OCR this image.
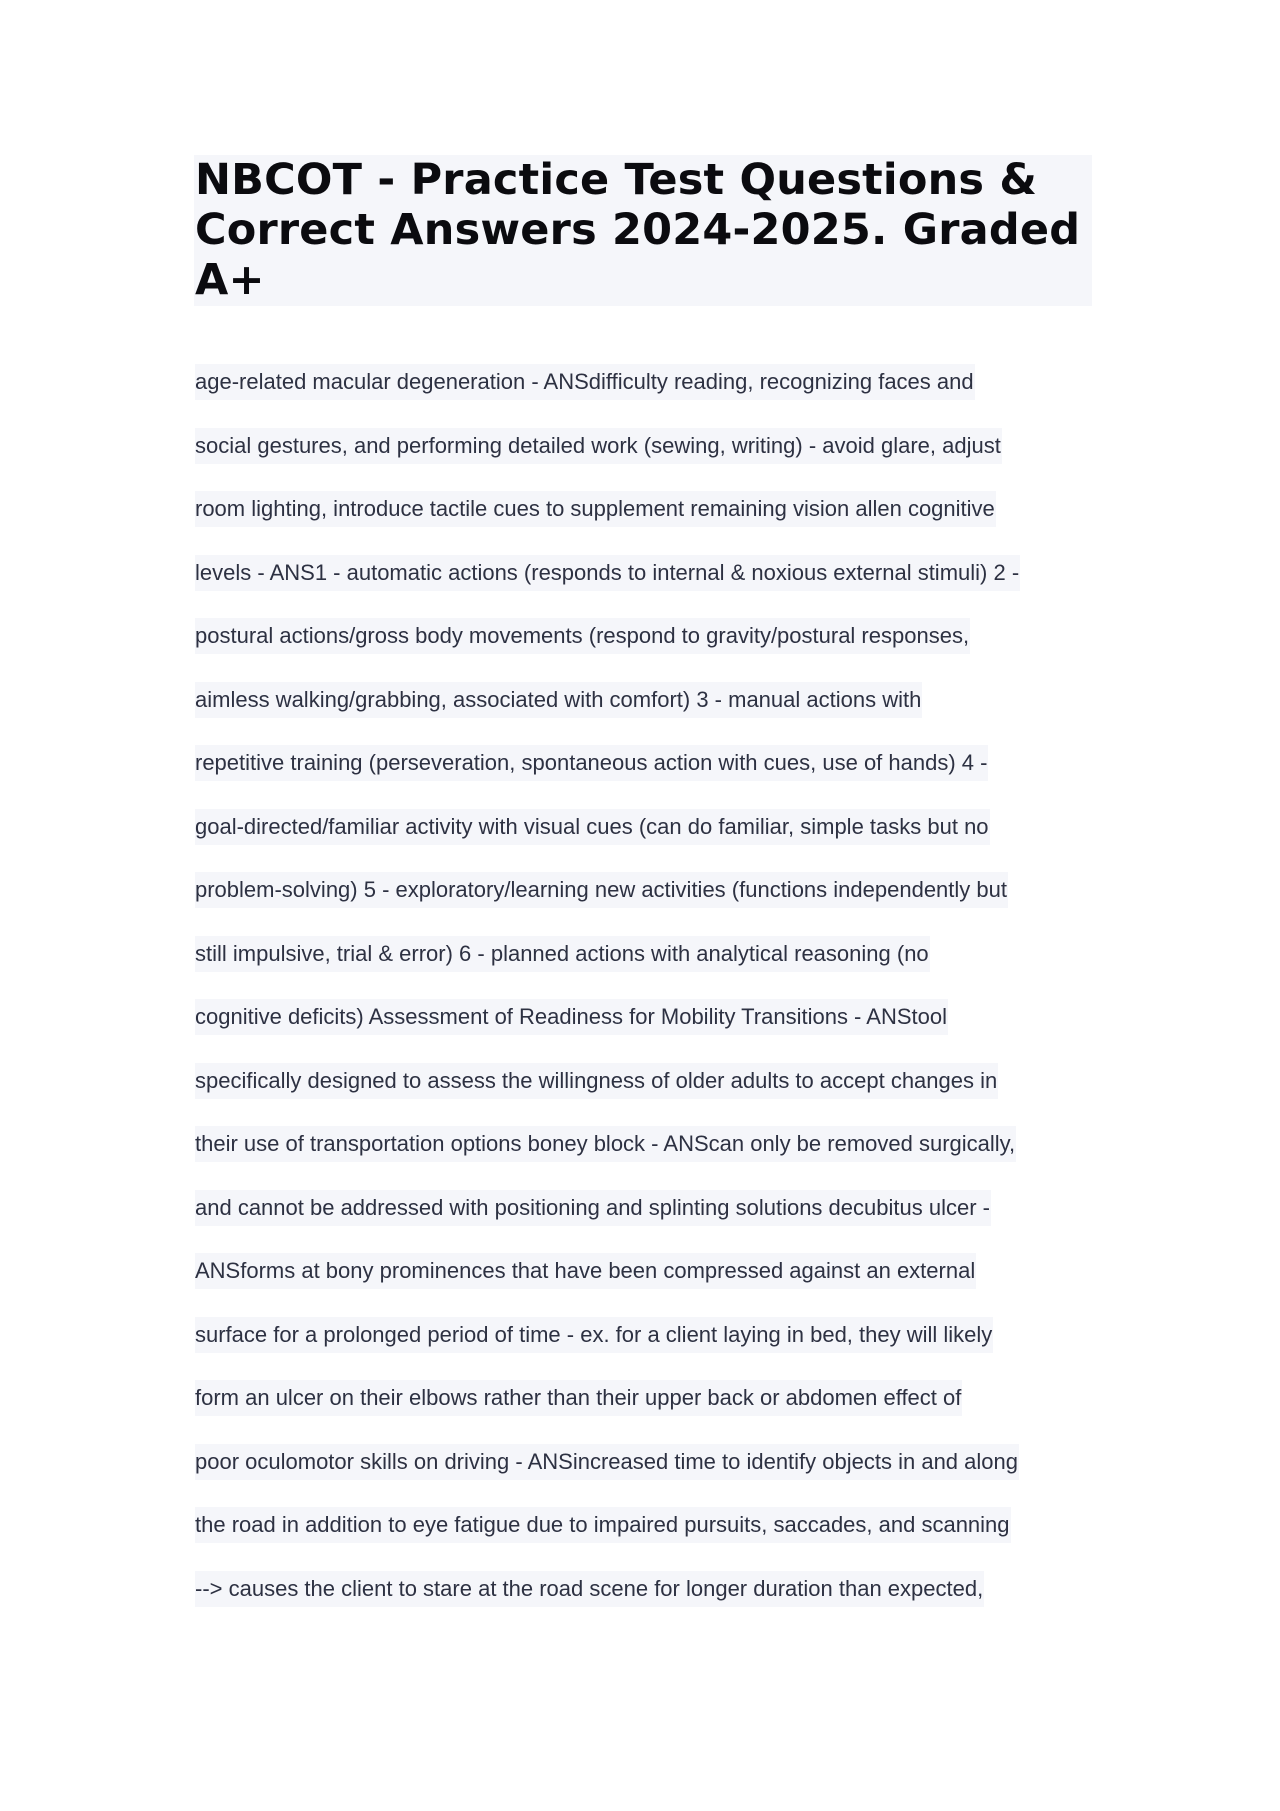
NBCOT - Practice Test Questions & Correct Answers 2024-2025. Graded A+
age-related macular degeneration - ANSdifficulty reading, recognizing faces and
social gestures, and performing detailed work (sewing, writing) - avoid glare, adjust
room lighting, introduce tactile cues to supplement remaining vision allen cognitive
levels - ANS1 - automatic actions (responds to internal & noxious external stimuli) 2 -
postural actions/gross body movements (respond to gravity/postural responses,
aimless walking/grabbing, associated with comfort) 3 - manual actions with
repetitive training (perseveration, spontaneous action with cues, use of hands) 4 -
goal-directed/familiar activity with visual cues (can do familiar, simple tasks but no
problem-solving) 5 - exploratory/learning new activities (functions independently but
still impulsive, trial & error) 6 - planned actions with analytical reasoning (no
cognitive deficits) Assessment of Readiness for Mobility Transitions - ANStool
specifically designed to assess the willingness of older adults to accept changes in
their use of transportation options boney block - ANScan only be removed surgically,
and cannot be addressed with positioning and splinting solutions decubitus ulcer -
ANSforms at bony prominences that have been compressed against an external
surface for a prolonged period of time - ex. for a client laying in bed, they will likely
form an ulcer on their elbows rather than their upper back or abdomen effect of
poor oculomotor skills on driving - ANSincreased time to identify objects in and along
the road in addition to eye fatigue due to impaired pursuits, saccades, and scanning
--> causes the client to stare at the road scene for longer duration than expected,
